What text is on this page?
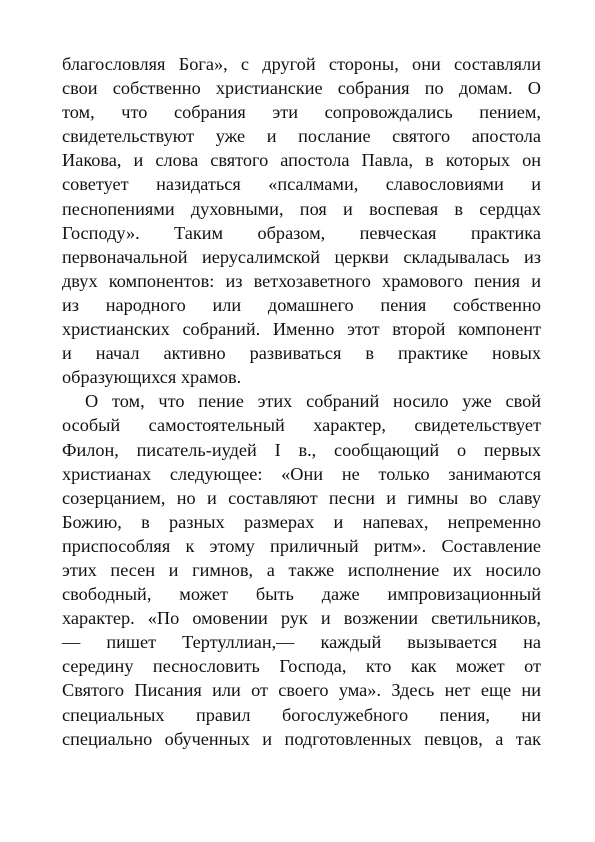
благословляя Бога», с другой стороны, они составляли
свои собственно христианские собрания по домам. О
том, что собрания эти сопровождались пением,
свидетельствуют уже и послание святого апостола
Иакова, и слова святого апостола Павла, в которых он
советует назидаться «псалмами, славословиями и
песнопениями духовными, поя и воспевая в сердцах
Господу». Таким образом, певческая практика
первоначальной иерусалимской церкви складывалась из
двух компонентов: из ветхозаветного храмового пения и
из народного или домашнего пения собственно
христианских собраний. Именно этот второй компонент
и начал активно развиваться в практике новых
образующихся храмов.
О том, что пение этих собраний носило уже свой
особый самостоятельный характер, свидетельствует
Филон, писатель-иудей I в., сообщающий о первых
христианах следующее: «Они не только занимаются
созерцанием, но и составляют песни и гимны во славу
Божию, в разных размерах и напевах, непременно
приспособляя к этому приличный ритм». Составление
этих песен и гимнов, а также исполнение их носило
свободный, может быть даже импровизационный
характер. «По омовении рук и возжении светильников,
— пишет Тертуллиан,— каждый вызывается на
середину песнословить Господа, кто как может от
Святого Писания или от своего ума». Здесь нет еще ни
специальных правил богослужебного пения, ни
специально обученных и подготовленных певцов, а так
